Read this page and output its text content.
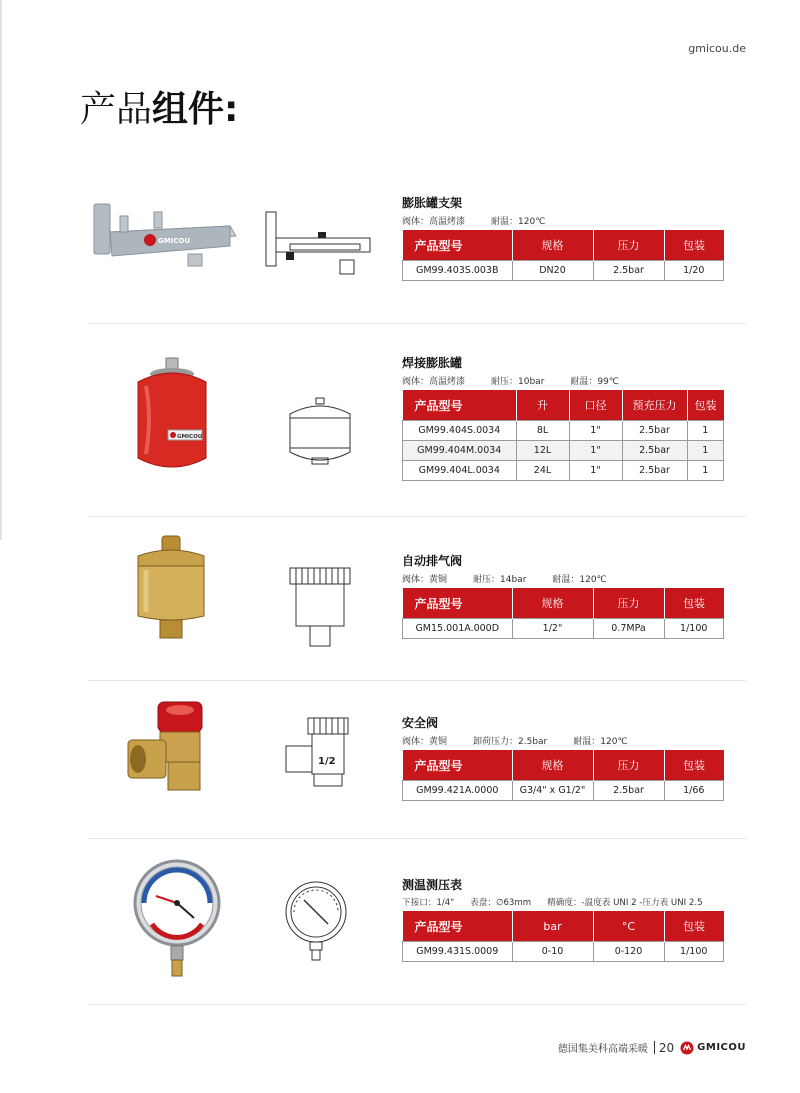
gmicou.de
产品组件:
GMICOU
膨胀罐支架
阀体：高温烤漆	耐温：120℃
产品型号	规格	压力	包装
GM99.403S.003B	DN20	2.5bar	1/20
GMICOU
焊接膨胀罐
阀体：高温烤漆	耐压：10bar	耐温：99℃
产品型号	升	口径	预充压力	包装
GM99.404S.0034	8L	1"	2.5bar	1
GM99.404M.0034	12L	1"	2.5bar	1
GM99.404L.0034	24L	1"	2.5bar	1
自动排气阀
阀体：黄铜	耐压：14bar	耐温：120℃
产品型号	规格	压力	包装
GM15.001A.000D	1/2"	0.7MPa	1/100
1/2
安全阀
阀体：黄铜	卸荷压力：2.5bar	耐温：120℃
产品型号	规格	压力	包装
GM99.421A.0000	G3/4" x G1/2"	2.5bar	1/66
测温测压表
下接口：1/4" 表盘：∅63mm 精确度：-温度表 UNI 2 -压力表 UNI 2.5
产品型号	bar	°C	包装
GM99.431S.0009	0-10	0-120	1/100
德国集美科高端采暖 20 GMICOU
